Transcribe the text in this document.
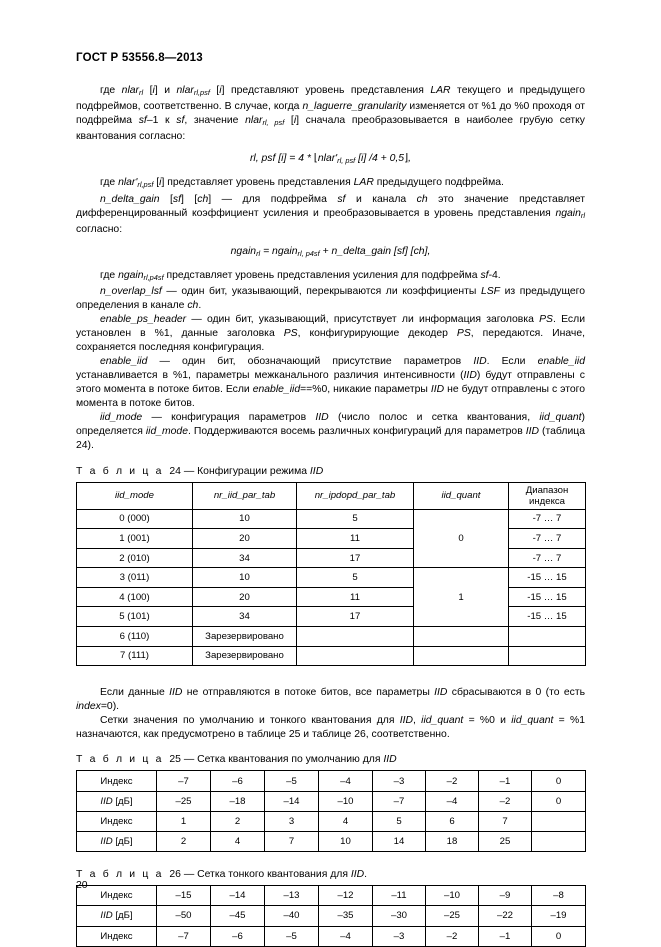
ГОСТ Р 53556.8—2013

где nlar$_{rl}$ [i] и nlar$_{rl,psf}$ [i] представляют уровень представления LAR текущего и предыдущего подфреймов, соответственно. В случае, когда n_laguerre_granularity изменяется от %1 до %0 проходя от подфрейма sf–1 к sf, значение nlar$_{rl, psf}$ [i] сначала преобразовывается в наиболее грубую сетку квантования согласно:

rl, psf $[i] = 4 * ⌊nlar'_{rl, psf}$ [i] /4 + 0,5⌋,

где $nlar'_{rl,psf}$ [i] представляет уровень представления LAR предыдущего подфрейма.

n_delta_gain [sf] [ch] — для подфрейма sf и канала ch это значение представляет дифференцированный коэффициент усиления и преобразовывается в уровень представления ngain$_{rl}$ согласно:

ngain$_{rl}$ = ngain$_{rl, p4sf}$ + n_delta_gain [sf] [ch],

где ngain$_{rl,p4sf}$ представляет уровень представления усиления для подфрейма sf-4.

n_overlap_lsf — один бит, указывающий, перекрываются ли коэффициенты LSF из предыдущего определения в канале ch.

enable_ps_header — один бит, указывающий, присутствует ли информация заголовка PS. Если установлен в %1, данные заголовка PS, конфигурирующие декодер PS, передаются. Иначе, сохраняется последняя конфигурация.

enable_iid — один бит, обозначающий присутствие параметров IID. Если enable_iid устанавливается в %1, параметры межканального различия интенсивности (IID) будут отправлены с этого момента в потоке битов. Если enable_iid==%0, никакие параметры IID не будут отправлены с этого момента в потоке битов.

iid_mode — конфигурация параметров IID (число полос и сетка квантования, iid_quant) определяется iid_mode. Поддерживаются восемь различных конфигураций для параметров IID (таблица 24).

Т а б л и ц а 24 — Конфигурации режима IID

iid_mode	nr_iid_par_tab	nr_ipdopd_par_tab	iid_quant	Диапазон индекса
0 (000)	10	5	0	-7 … 7
1 (001)	20	11		-7 … 7
2 (010)	34	17		-7 … 7
3 (011)	10	5	1	-15 … 15
4 (100)	20	11		-15 … 15
5 (101)	34	17		-15 … 15
6 (110)	Зарезервировано			
7 (111)	Зарезервировано			

Если данные IID не отправляются в потоке битов, все параметры IID сбрасываются в 0 (то есть index=0).

Сетки значения по умолчанию и тонкого квантования для IID, iid_quant = %0 и iid_quant = %1 назначаются, как предусмотрено в таблице 25 и таблице 26, соответственно.

Т а б л и ц а 25 — Сетка квантования по умолчанию для IID

Индекс	–7	–6	–5	–4	–3	–2	–1	0
IID [дБ]	–25	–18	–14	–10	–7	–4	–2	0
Индекс	1	2	3	4	5	6	7	
IID [дБ]	2	4	7	10	14	18	25	

Т а б л и ц а 26 — Сетка тонкого квантования для IID.

Индекс	–15	–14	–13	–12	–11	–10	–9	–8
IID [дБ]	–50	–45	–40	–35	–30	–25	–22	–19
Индекс	–7	–6	–5	–4	–3	–2	–1	0
20
